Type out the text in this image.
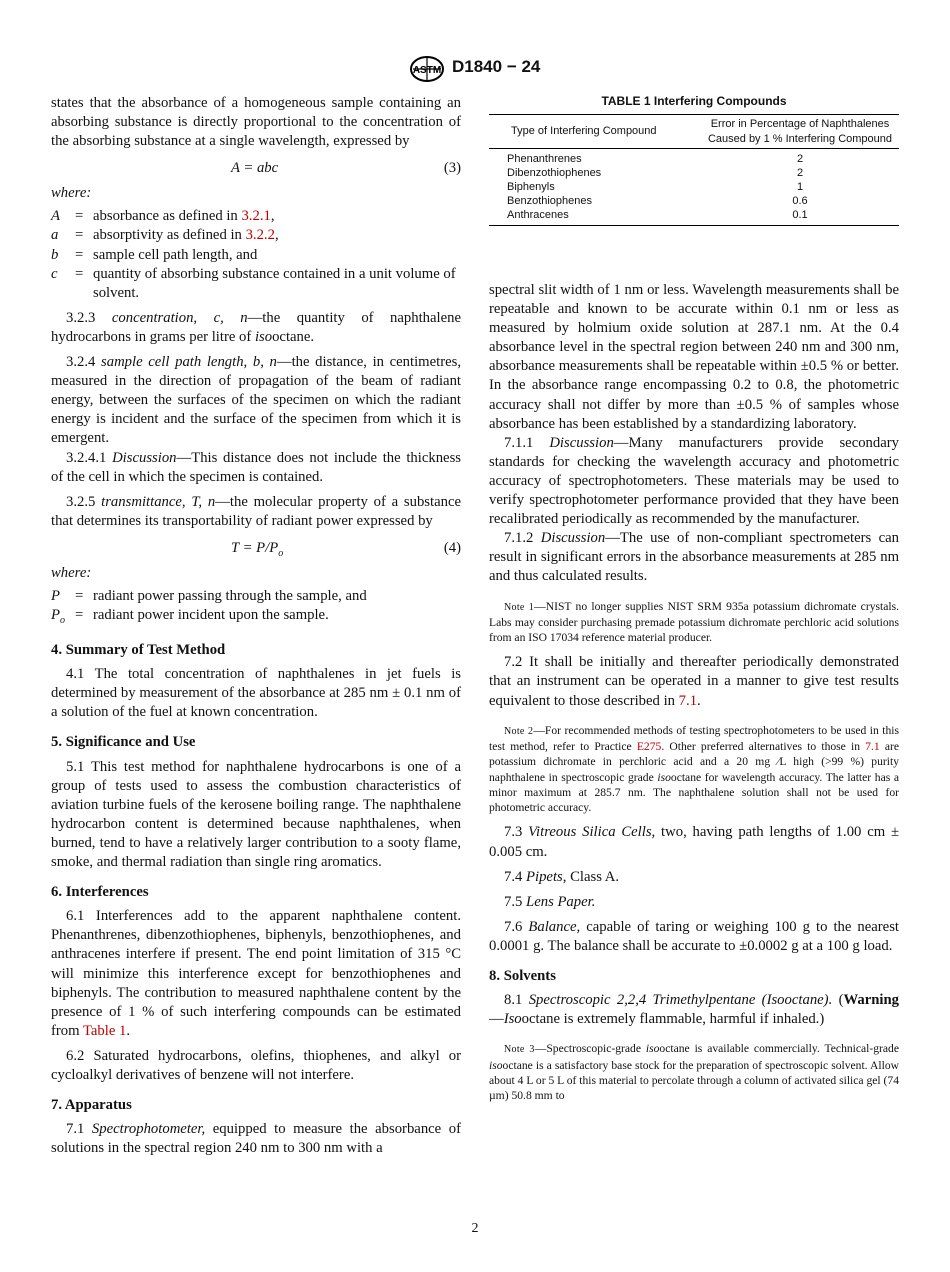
ASTM D1840 − 24

states that the absorbance of a homogeneous sample containing an absorbing substance is directly proportional to the concentration of the absorbing substance at a single wavelength, expressed by

A = abc	(3)

where:

A	= absorbance as defined in 3.2.1,
a	= absorptivity as defined in 3.2.2,
b	= sample cell path length, and
c	= quantity of absorbing substance contained in a unit volume of solvent.

3.2.3 concentration, c, n—the quantity of naphthalene hydrocarbons in grams per litre of isooctane.

3.2.4 sample cell path length, b, n—the distance, in centimetres, measured in the direction of propagation of the beam of radiant energy, between the surfaces of the specimen on which the radiant energy is incident and the surface of the specimen from which it is emergent.

3.2.4.1 Discussion—This distance does not include the thickness of the cell in which the specimen is contained.

3.2.5 transmittance, T, n—the molecular property of a substance that determines its transportability of radiant power expressed by

$T = P/P_o$	(4)

where:

P	= radiant power passing through the sample, and
$P_o$ = radiant power incident upon the sample.
4. Summary of Test Method

4.1 The total concentration of naphthalenes in jet fuels is determined by measurement of the absorbance at 285 nm ± 0.1 nm of a solution of the fuel at known concentration.

5. Significance and Use

5.1 This test method for naphthalene hydrocarbons is one of a group of tests used to assess the combustion characteristics of aviation turbine fuels of the kerosene boiling range. The naphthalene hydrocarbon content is determined because naphthalenes, when burned, tend to have a relatively larger contribution to a sooty flame, smoke, and thermal radiation than single ring aromatics.

6. Interferences

6.1 Interferences add to the apparent naphthalene content. Phenanthrenes, dibenzothiophenes, biphenyls, benzothiophenes, and anthracenes interfere if present. The end point limitation of 315 °C will minimize this interference except for benzothiophenes and biphenyls. The contribution to measured naphthalene content by the presence of 1 % of such interfering compounds can be estimated from Table 1.

6.2 Saturated hydrocarbons, olefins, thiophenes, and alkyl or cycloalkyl derivatives of benzene will not interfere.

7. Apparatus

7.1 Spectrophotometer, equipped to measure the absorbance of solutions in the spectral region 240 nm to 300 nm with a

TABLE 1 Interfering Compounds
Type of Interfering Compound	Error in Percentage of Naphthalenes Caused by 1 % Interfering Compound
Phenanthrenes	2
Dibenzothiophenes	2
Biphenyls	1
Benzothiophenes	0.6
Anthracenes	0.1

spectral slit width of 1 nm or less. Wavelength measurements shall be repeatable and known to be accurate within 0.1 nm or less as measured by holmium oxide solution at 287.1 nm. At the 0.4 absorbance level in the spectral region between 240 nm and 300 nm, absorbance measurements shall be repeatable within ±0.5 % or better. In the absorbance range encompassing 0.2 to 0.8, the photometric accuracy shall not differ by more than ±0.5 % of samples whose absorbance has been established by a standardizing laboratory.

7.1.1 Discussion—Many manufacturers provide secondary standards for checking the wavelength accuracy and photometric accuracy of spectrophotometers. These materials may be used to verify spectrophotometer performance provided that they have been recalibrated periodically as recommended by the manufacturer.

7.1.2 Discussion—The use of non-compliant spectrometers can result in significant errors in the absorbance measurements at 285 nm and thus calculated results.

Note 1—NIST no longer supplies NIST SRM 935a potassium dichromate crystals. Labs may consider purchasing premade potassium dichromate perchloric acid solutions from an ISO 17034 reference material producer.

7.2 It shall be initially and thereafter periodically demonstrated that an instrument can be operated in a manner to give test results equivalent to those described in 7.1.

Note 2—For recommended methods of testing spectrophotometers to be used in this test method, refer to Practice E275. Other preferred alternatives to those in 7.1 are potassium dichromate in perchloric acid and a 20 mg ⁄L high (>99 %) purity naphthalene in spectroscopic grade isooctane for wavelength accuracy. The latter has a minor maximum at 285.7 nm. The naphthalene solution shall not be used for photometric accuracy.

7.3 Vitreous Silica Cells, two, having path lengths of 1.00 cm ± 0.005 cm.

7.4 Pipets, Class A.

7.5 Lens Paper.

7.6 Balance, capable of taring or weighing 100 g to the nearest 0.0001 g. The balance shall be accurate to ±0.0002 g at a 100 g load.

8. Solvents

8.1 Spectroscopic 2,2,4 Trimethylpentane (Isooctane). (Warning—Isooctane is extremely flammable, harmful if inhaled.)

Note 3—Spectroscopic-grade isooctane is available commercially. Technical-grade isooctane is a satisfactory base stock for the preparation of spectroscopic solvent. Allow about 4 L or 5 L of this material to percolate through a column of activated silica gel (74 µm) 50.8 mm to

2
